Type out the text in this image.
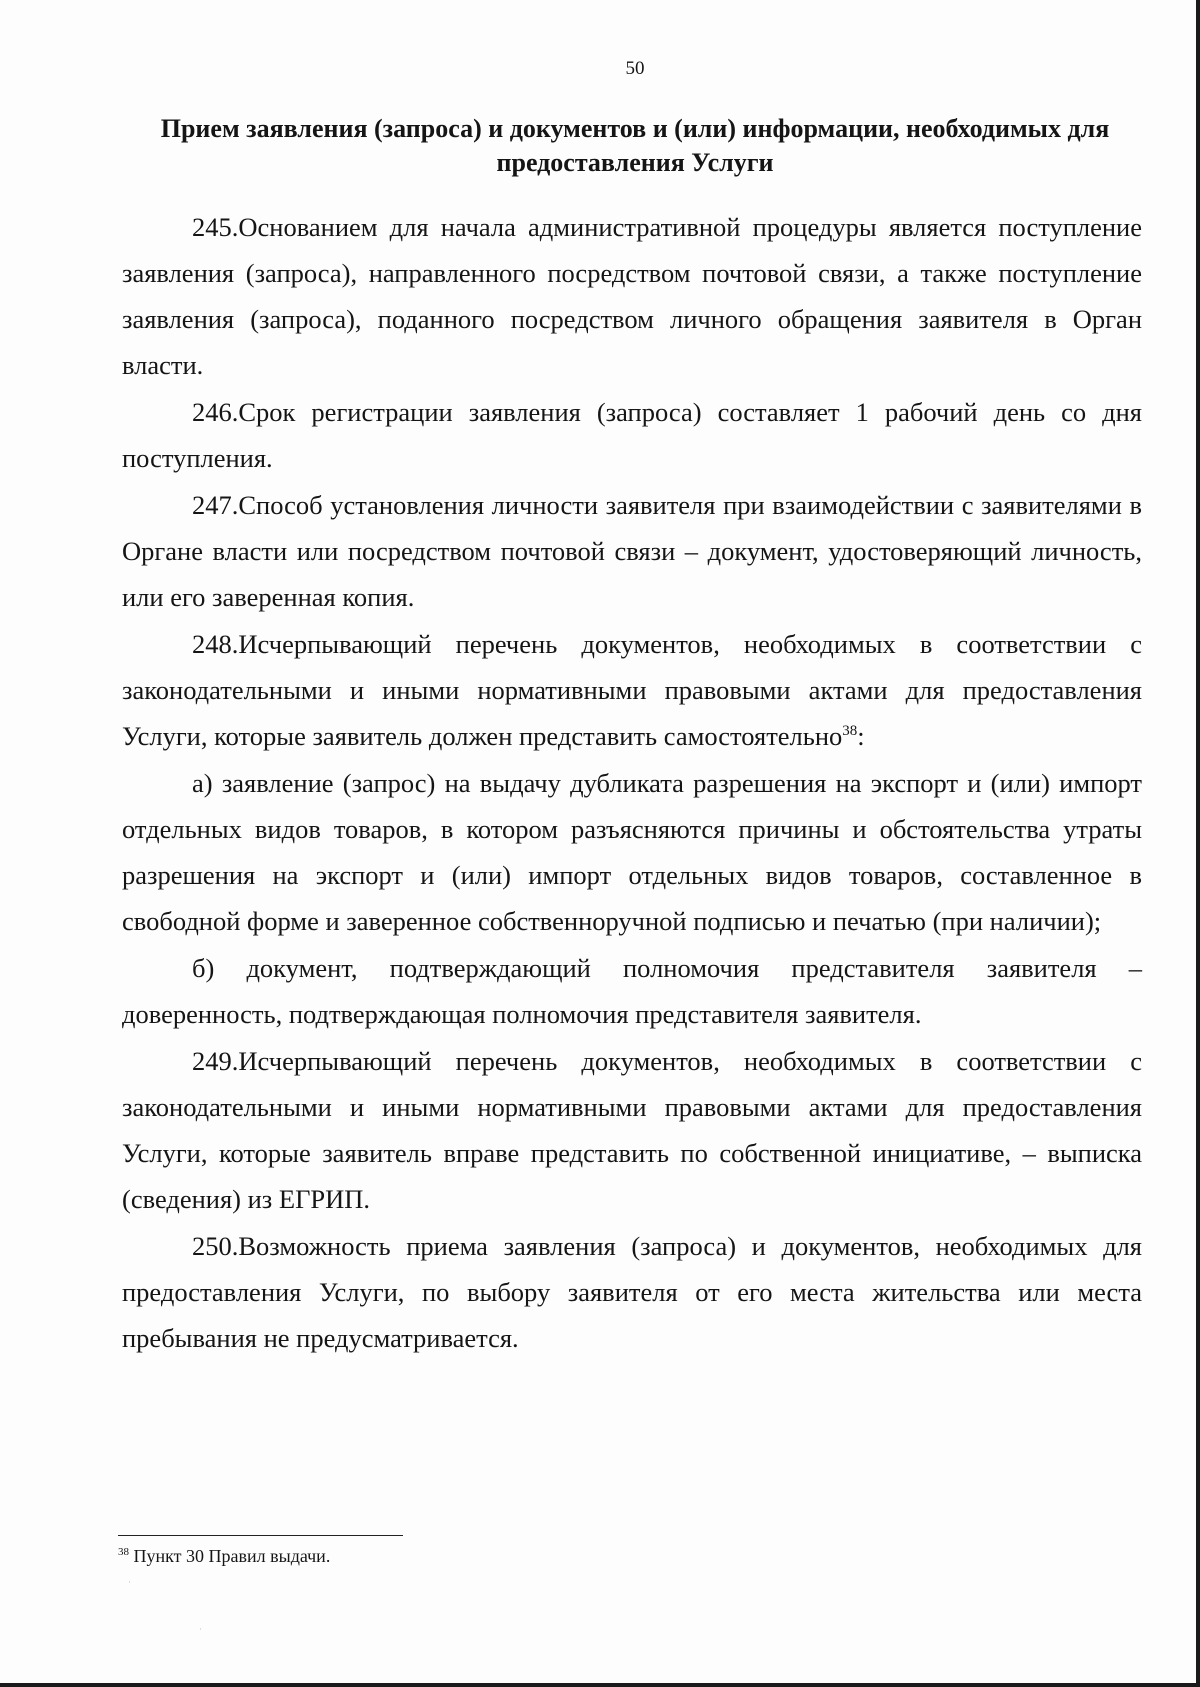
50
Прием заявления (запроса) и документов и (или) информации, необходимых для предоставления Услуги

245.Основанием для начала административной процедуры является поступление заявления (запроса), направленного посредством почтовой связи, а также поступление заявления (запроса), поданного посредством личного обращения заявителя в Орган власти.

246.Срок регистрации заявления (запроса) составляет 1 рабочий день со дня поступления.

247.Способ установления личности заявителя при взаимодействии с заявителями в Органе власти или посредством почтовой связи – документ, удостоверяющий личность, или его заверенная копия.

248.Исчерпывающий перечень документов, необходимых в соответствии с законодательными и иными нормативными правовыми актами для предоставления Услуги, которые заявитель должен представить самостоятельно$^{38}$:

а) заявление (запрос) на выдачу дубликата разрешения на экспорт и (или) импорт отдельных видов товаров, в котором разъясняются причины и обстоятельства утраты разрешения на экспорт и (или) импорт отдельных видов товаров, составленное в свободной форме и заверенное собственноручной подписью и печатью (при наличии);

б) документ, подтверждающий полномочия представителя заявителя – доверенность, подтверждающая полномочия представителя заявителя.

249.Исчерпывающий перечень документов, необходимых в соответствии с законодательными и иными нормативными правовыми актами для предоставления Услуги, которые заявитель вправе представить по собственной инициативе, – выписка (сведения) из ЕГРИП.

250.Возможность приема заявления (запроса) и документов, необходимых для предоставления Услуги, по выбору заявителя от его места жительства или места пребывания не предусматривается.

$^{38}$ Пункт 30 Правил выдачи.
·
·
